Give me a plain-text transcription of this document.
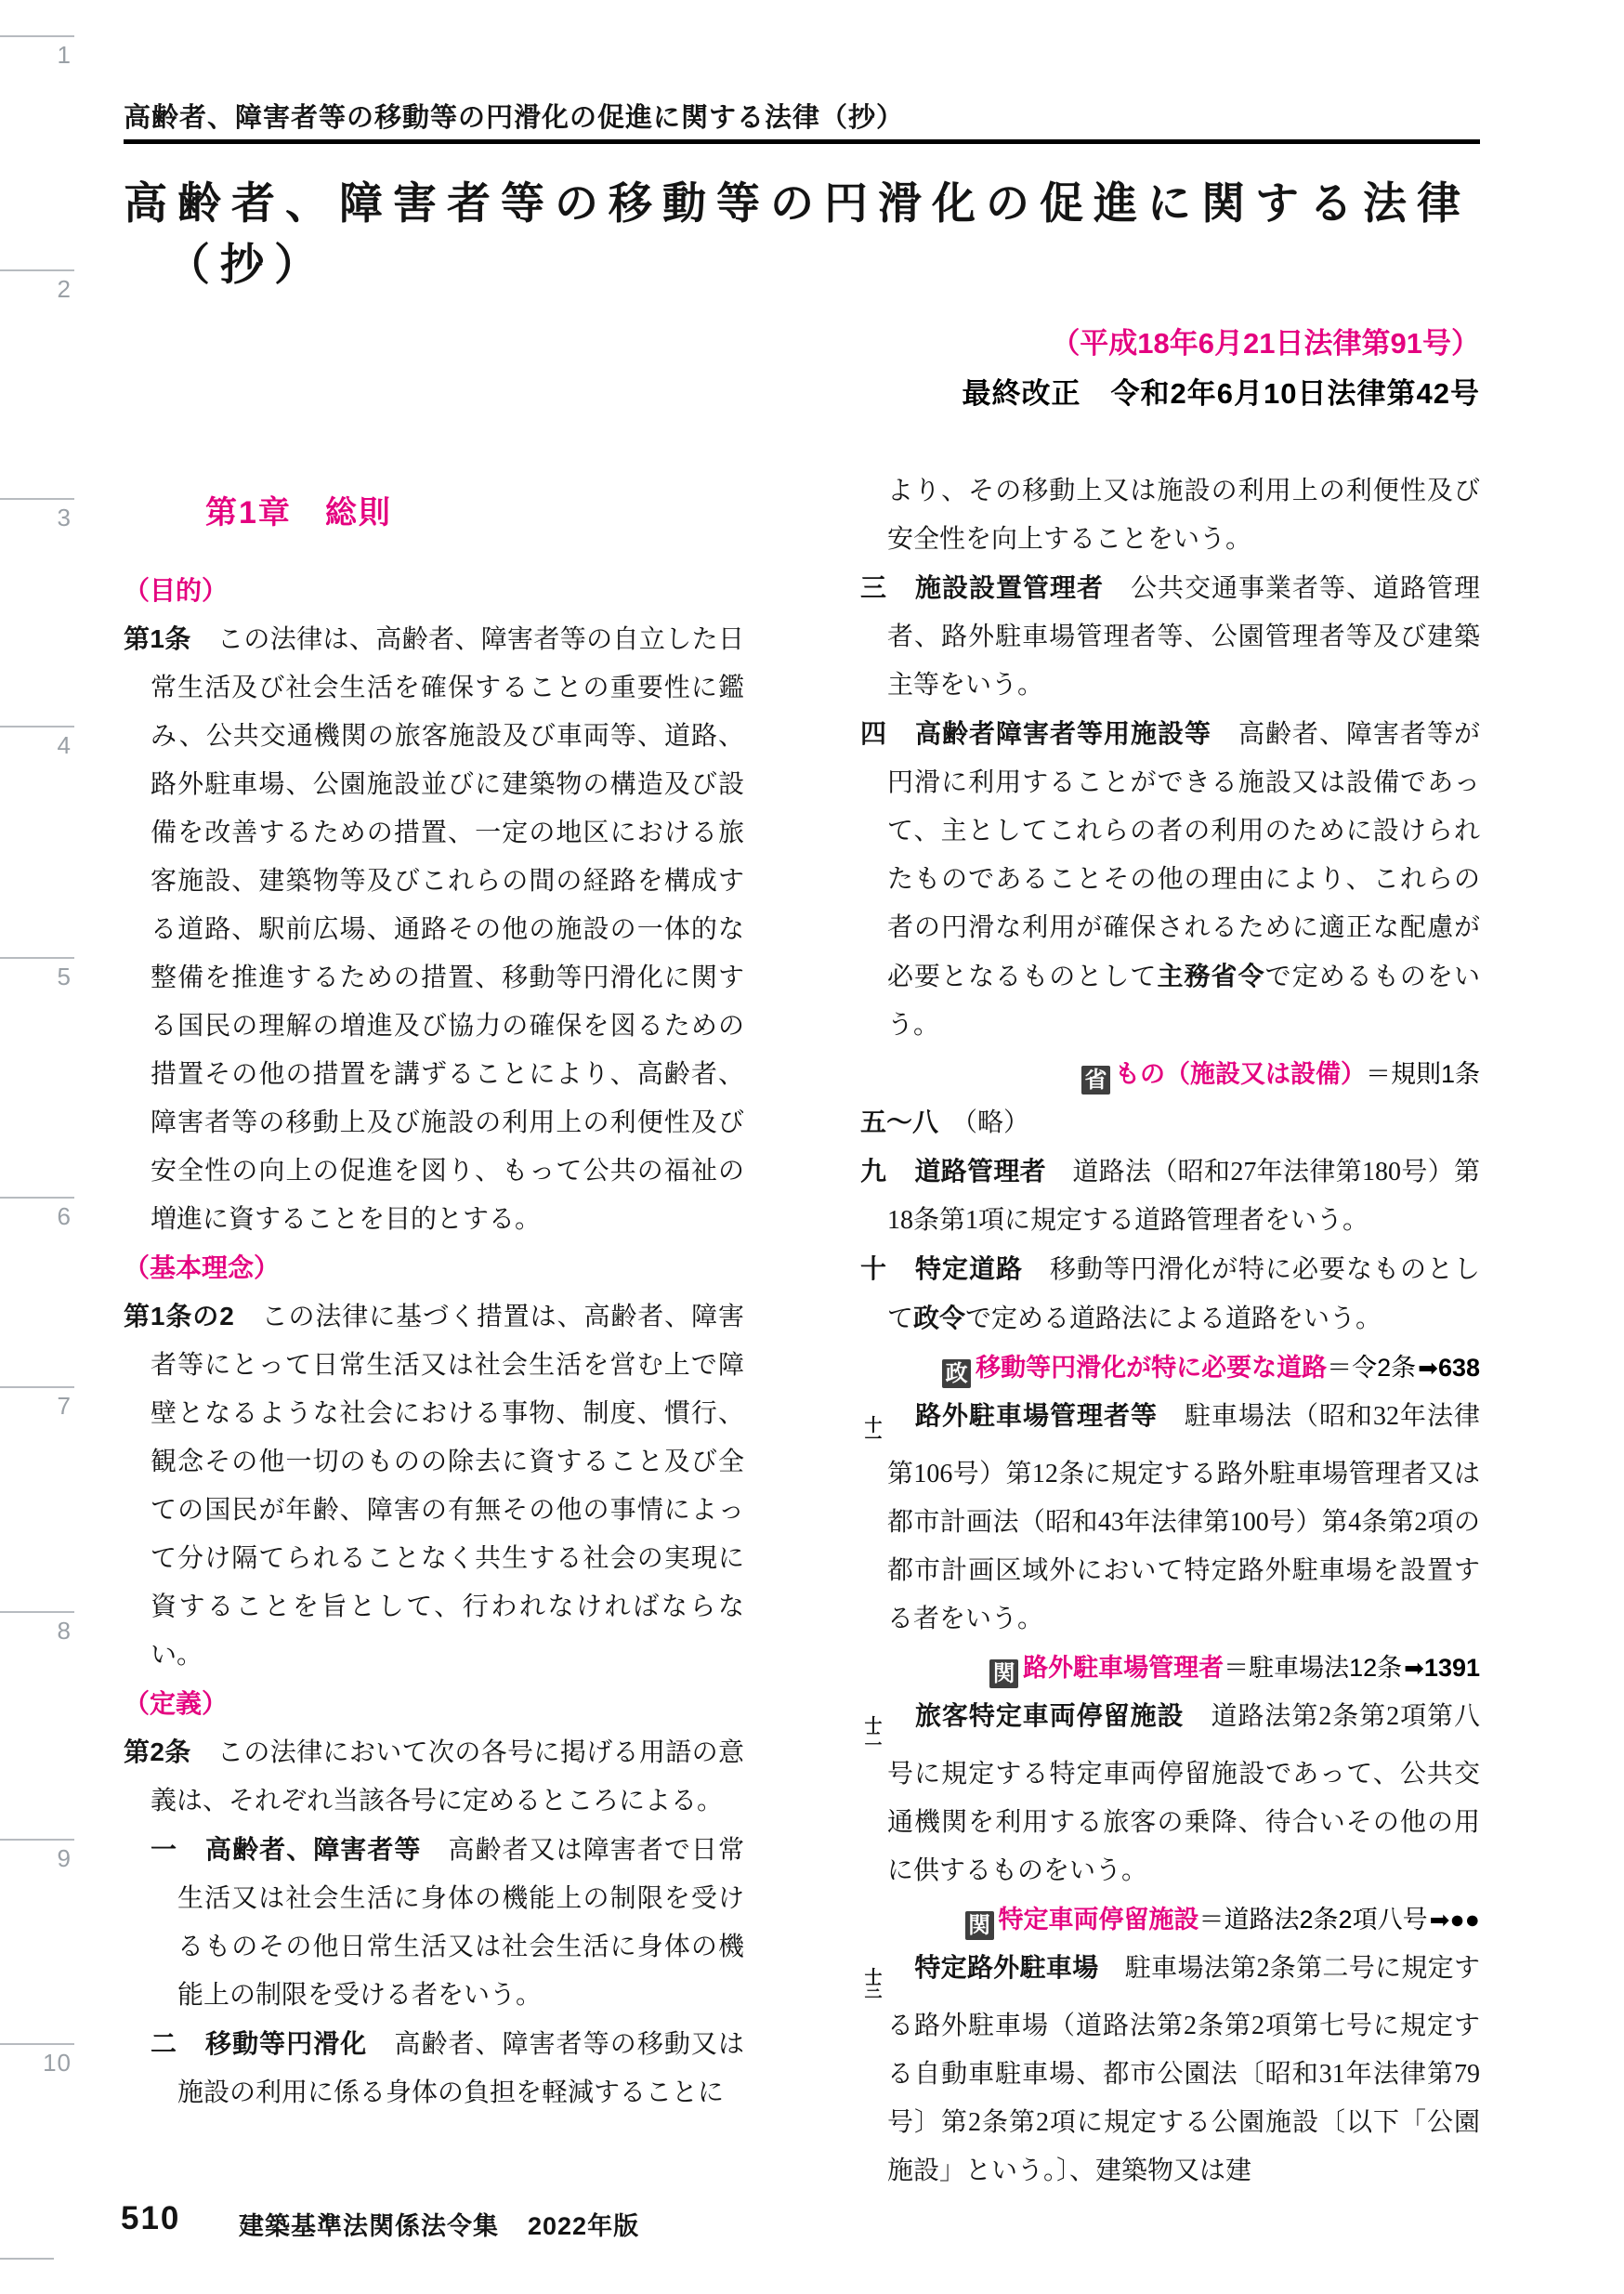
1
2
3
4
5
6
7
8
9
10
高齢者、障害者等の移動等の円滑化の促進に関する法律（抄）
高齢者、障害者等の移動等の円滑化の促進に関する法律
（抄）
（平成18年6月21日法律第91号）
最終改正　令和2年6月10日法律第42号
第1章　総則
（目的）
第1条　この法律は、高齢者、障害者等の自立した日常生活及び社会生活を確保することの重要性に鑑み、公共交通機関の旅客施設及び車両等、道路、路外駐車場、公園施設並びに建築物の構造及び設備を改善するための措置、一定の地区における旅客施設、建築物等及びこれらの間の経路を構成する道路、駅前広場、通路その他の施設の一体的な整備を推進するための措置、移動等円滑化に関する国民の理解の増進及び協力の確保を図るための措置その他の措置を講ずることにより、高齢者、障害者等の移動上及び施設の利用上の利便性及び安全性の向上の促進を図り、もって公共の福祉の増進に資することを目的とする。
（基本理念）
第1条の2　この法律に基づく措置は、高齢者、障害者等にとって日常生活又は社会生活を営む上で障壁となるような社会における事物、制度、慣行、観念その他一切のものの除去に資すること及び全ての国民が年齢、障害の有無その他の事情によって分け隔てられることなく共生する社会の実現に資することを旨として、行われなければならない。
（定義）
第2条　この法律において次の各号に掲げる用語の意義は、それぞれ当該各号に定めるところによる。
一 高齢者、障害者等　高齢者又は障害者で日常生活又は社会生活に身体の機能上の制限を受けるものその他日常生活又は社会生活に身体の機能上の制限を受ける者をいう。
二 移動等円滑化　高齢者、障害者等の移動又は施設の利用に係る身体の負担を軽減することに
より、その移動上又は施設の利用上の利便性及び安全性を向上することをいう。
三 施設設置管理者　公共交通事業者等、道路管理者、路外駐車場管理者等、公園管理者等及び建築主等をいう。
四 高齢者障害者等用施設等　高齢者、障害者等が円滑に利用することができる施設又は設備であって、主としてこれらの者の利用のために設けられたものであることその他の理由により、これらの者の円滑な利用が確保されるために適正な配慮が必要となるものとして主務省令で定めるものをいう。
省 もの（施設又は設備）＝規則1条
五〜八　（略）
九 道路管理者　道路法（昭和27年法律第180号）第18条第1項に規定する道路管理者をいう。
十 特定道路　移動等円滑化が特に必要なものとして政令で定める道路法による道路をいう。
政 移動等円滑化が特に必要な道路＝令2条➡638
十
一
路外駐車場管理者等　駐車場法（昭和32年法律第106号）第12条に規定する路外駐車場管理者又は都市計画法（昭和43年法律第100号）第4条第2項の都市計画区域外において特定路外駐車場を設置する者をいう。
関 路外駐車場管理者＝駐車場法12条➡1391
十
二
旅客特定車両停留施設　道路法第2条第2項第八号に規定する特定車両停留施設であって、公共交通機関を利用する旅客の乗降、待合いその他の用に供するものをいう。
関 特定車両停留施設＝道路法2条2項八号➡●●
十
三
特定路外駐車場　駐車場法第2条第二号に規定する路外駐車場（道路法第2条第2項第七号に規定する自動車駐車場、都市公園法〔昭和31年法律第79号〕第2条第2項に規定する公園施設〔以下「公園施設」という。〕、建築物又は建
510 建築基準法関係法令集 2022年版
